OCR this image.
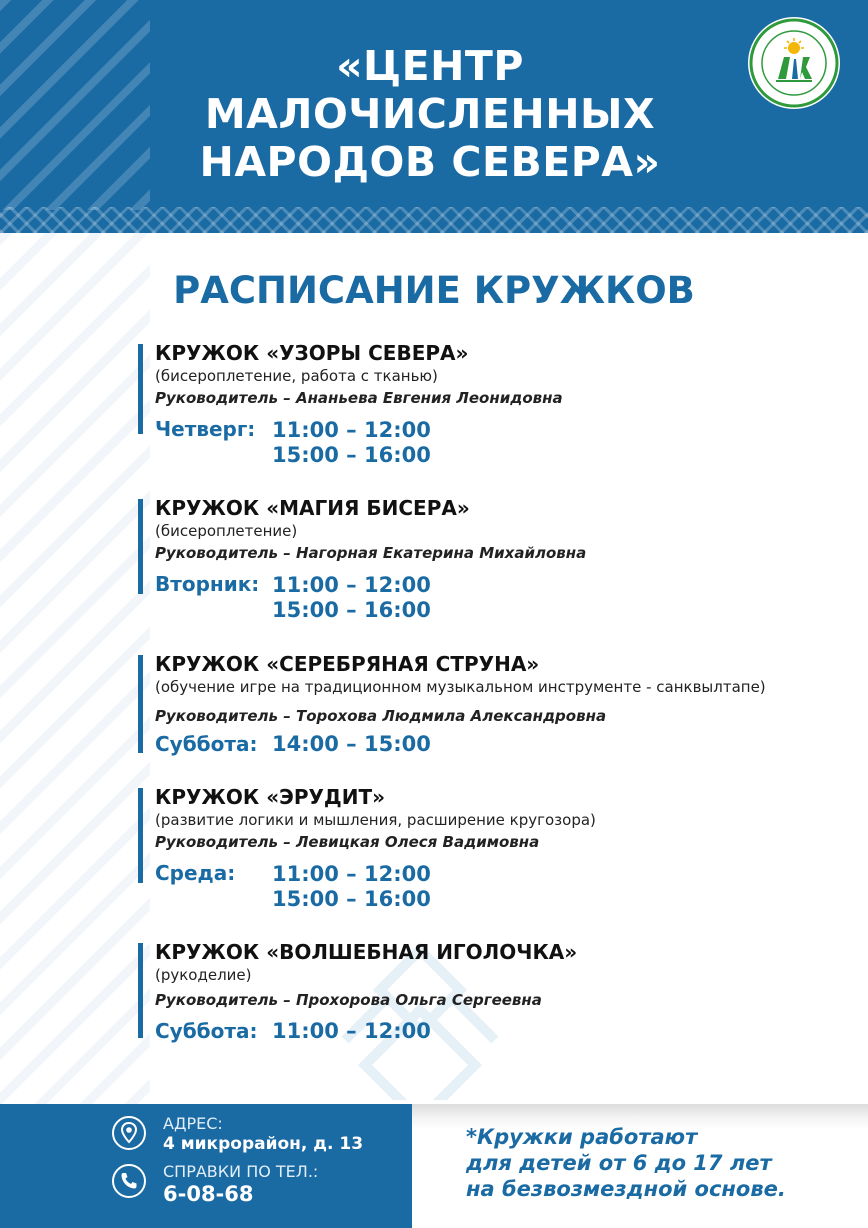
«ЦЕНТР
МАЛОЧИСЛЕННЫХ
НАРОДОВ СЕВЕРА»
РАСПИСАНИЕ КРУЖКОВ
КРУЖОК «УЗОРЫ СЕВЕРА»
(бисероплетение, работа с тканью)
Руководитель – Ананьева Евгения Леонидовна
Четверг: 11:00 – 12:00
15:00 – 16:00
КРУЖОК «МАГИЯ БИСЕРА»
(бисероплетение)
Руководитель – Нагорная Екатерина Михайловна
Вторник: 11:00 – 12:00
15:00 – 16:00
КРУЖОК «СЕРЕБРЯНАЯ СТРУНА»
(обучение игре на традиционном музыкальном инструменте - санквылтапе)
Руководитель – Торохова Людмила Александровна
Суббота: 14:00 – 15:00
КРУЖОК «ЭРУДИТ»
(развитие логики и мышления, расширение кругозора)
Руководитель – Левицкая Олеся Вадимовна
Среда: 11:00 – 12:00
15:00 – 16:00
КРУЖОК «ВОЛШЕБНАЯ ИГОЛОЧКА»
(рукоделие)
Руководитель – Прохорова Ольга Сергеевна
Суббота: 11:00 – 12:00
АДРЕС:
4 микрорайон, д. 13
СПРАВКИ ПО ТЕЛ.:
6-08-68

*Кружки работают
для детей от 6 до 17 лет
на безвозмездной основе.
